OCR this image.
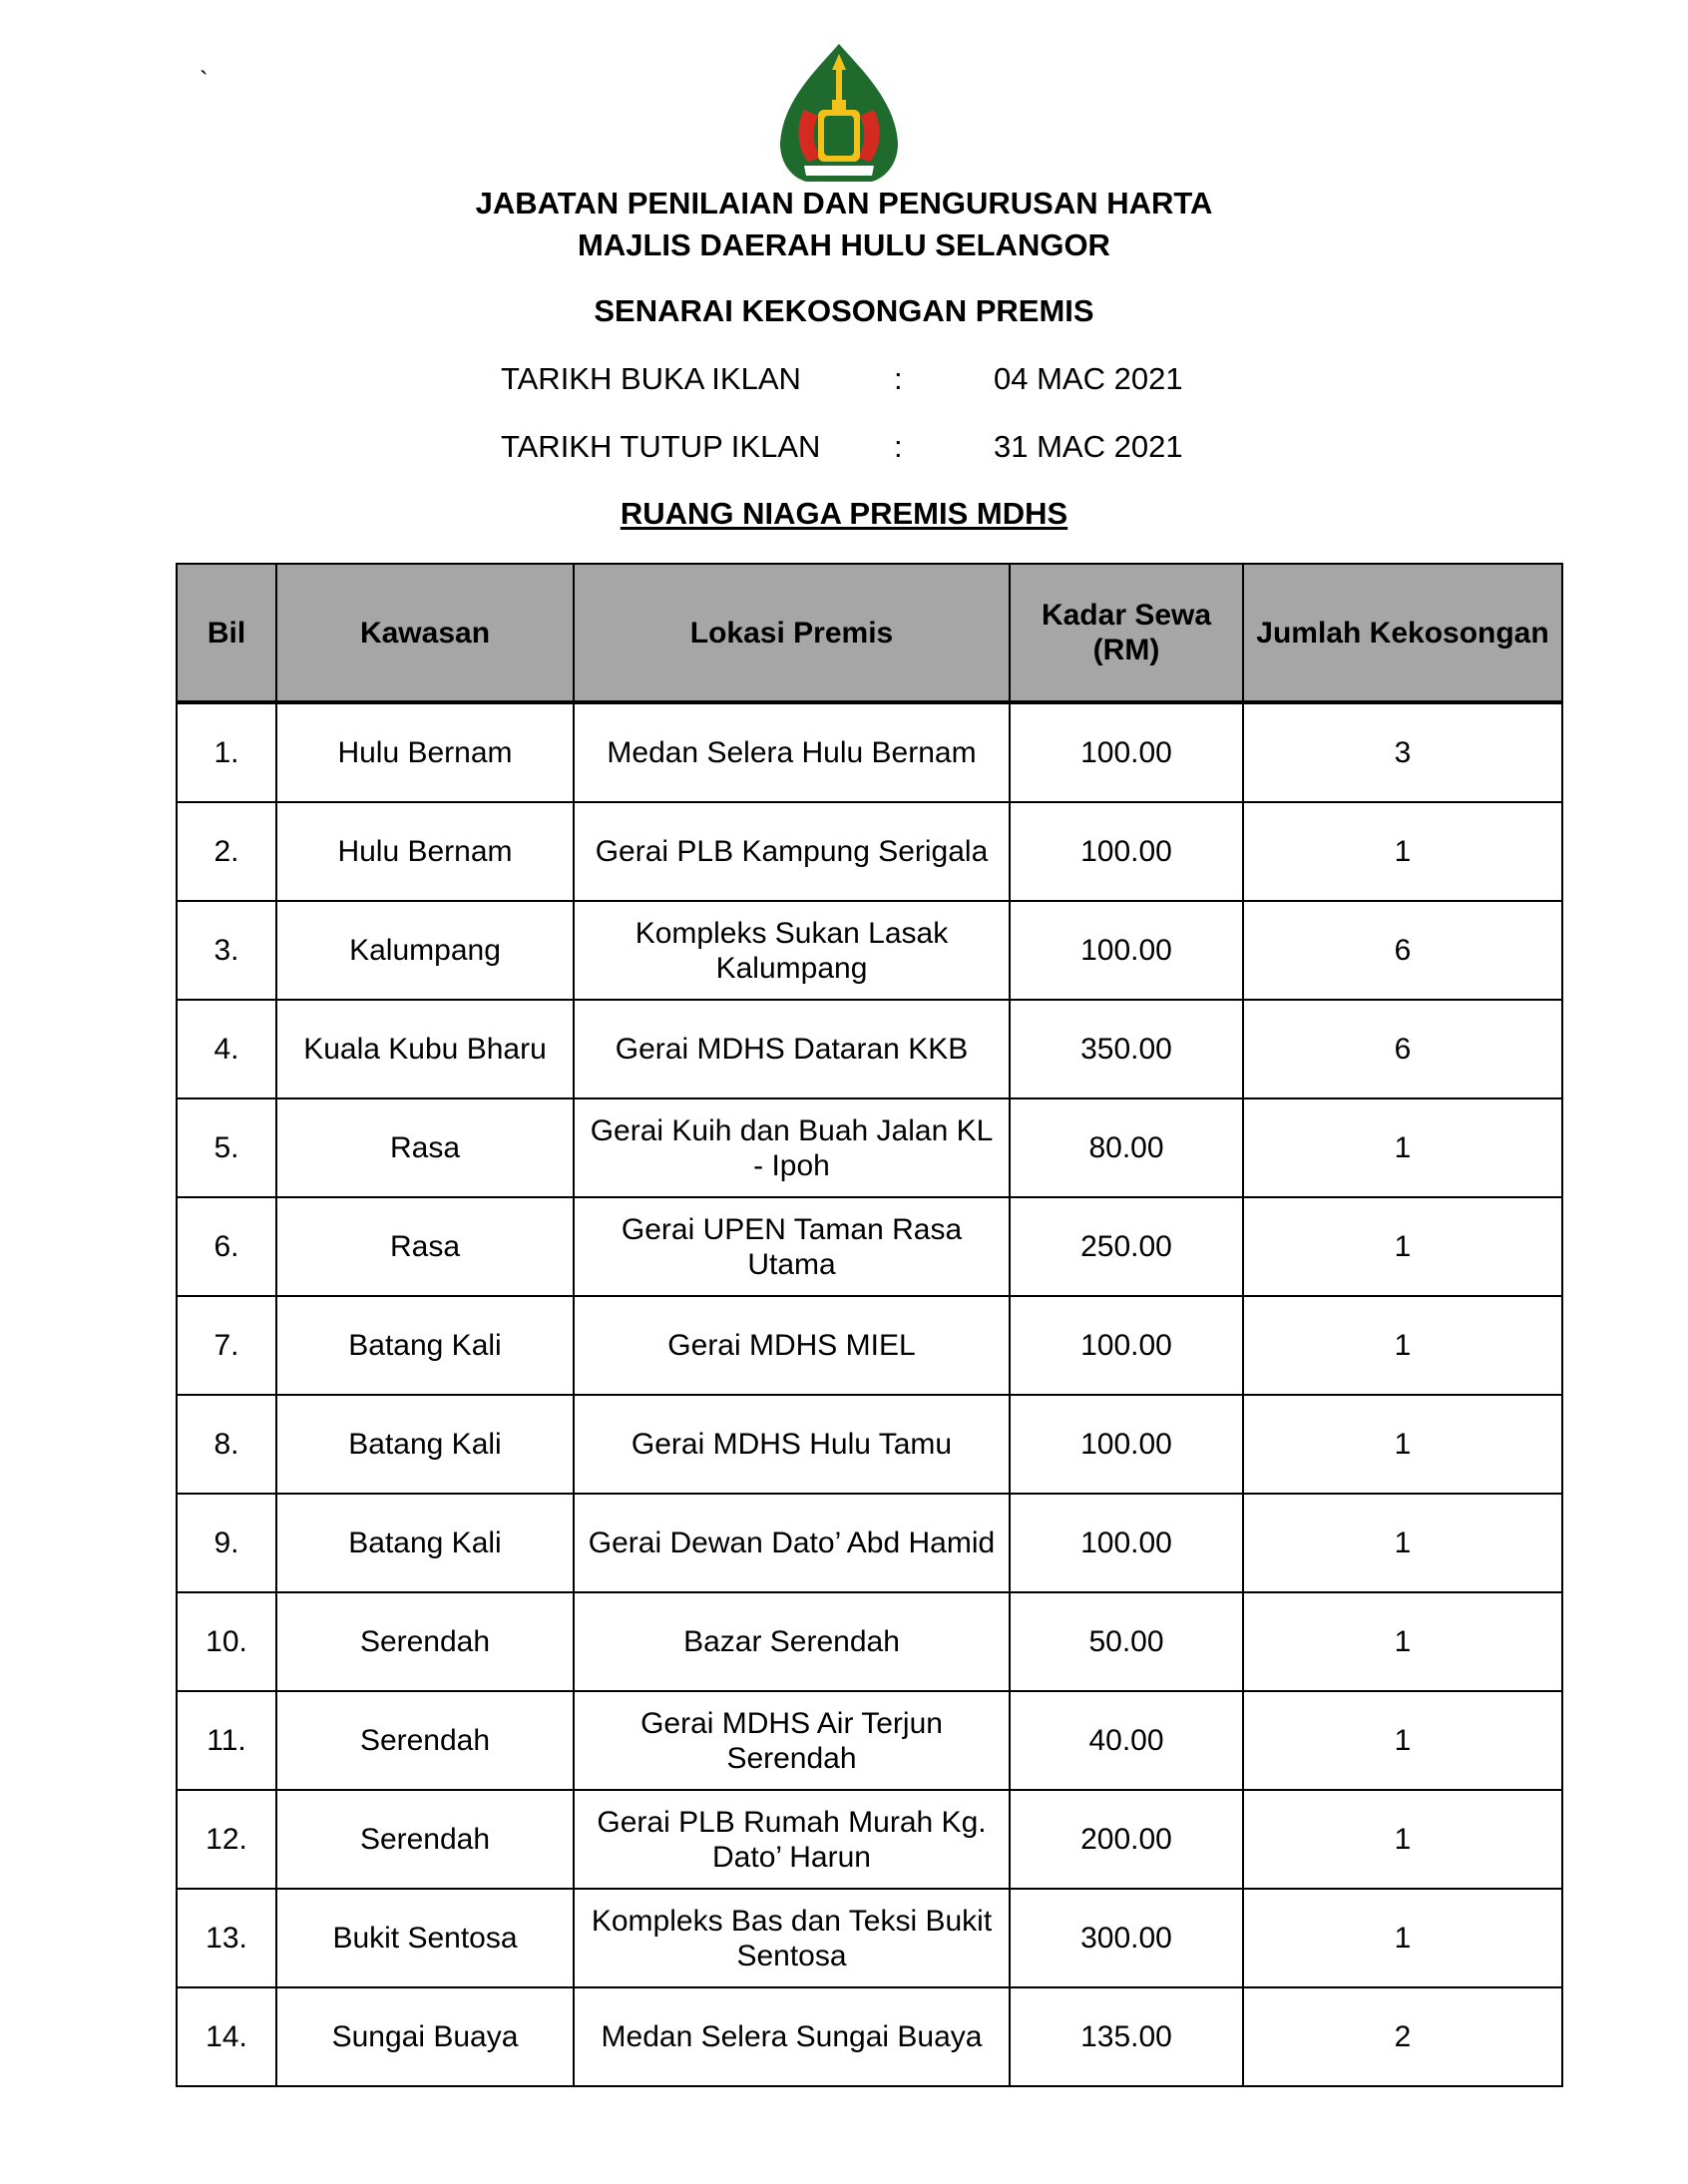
`
JABATAN PENILAIAN DAN PENGURUSAN HARTA
MAJLIS DAERAH HULU SELANGOR
SENARAI KEKOSONGAN PREMIS
TARIKH BUKA IKLAN	:	04 MAC 2021
TARIKH TUTUP IKLAN :	31 MAC 2021
RUANG NIAGA PREMIS MDHS
Bil	Kawasan	Lokasi Premis	Kadar Sewa (RM)	Jumlah Kekosongan
1.	Hulu Bernam	Medan Selera Hulu Bernam	100.00	3
2.	Hulu Bernam	Gerai PLB Kampung Serigala	100.00	1
3.	Kalumpang	Kompleks Sukan Lasak Kalumpang	100.00	6
4.	Kuala Kubu Bharu	Gerai MDHS Dataran KKB	350.00	6
5.	Rasa	Gerai Kuih dan Buah Jalan KL - Ipoh	80.00	1
6.	Rasa	Gerai UPEN Taman Rasa Utama	250.00	1
7.	Batang Kali	Gerai MDHS MIEL	100.00	1
8.	Batang Kali	Gerai MDHS Hulu Tamu	100.00	1
9.	Batang Kali	Gerai Dewan Dato’ Abd Hamid	100.00	1
10.	Serendah	Bazar Serendah	50.00	1
11.	Serendah	Gerai MDHS Air Terjun Serendah	40.00	1
12.	Serendah	Gerai PLB Rumah Murah Kg. Dato’ Harun	200.00	1
13.	Bukit Sentosa	Kompleks Bas dan Teksi Bukit Sentosa	300.00	1
14.	Sungai Buaya	Medan Selera Sungai Buaya	135.00	2
